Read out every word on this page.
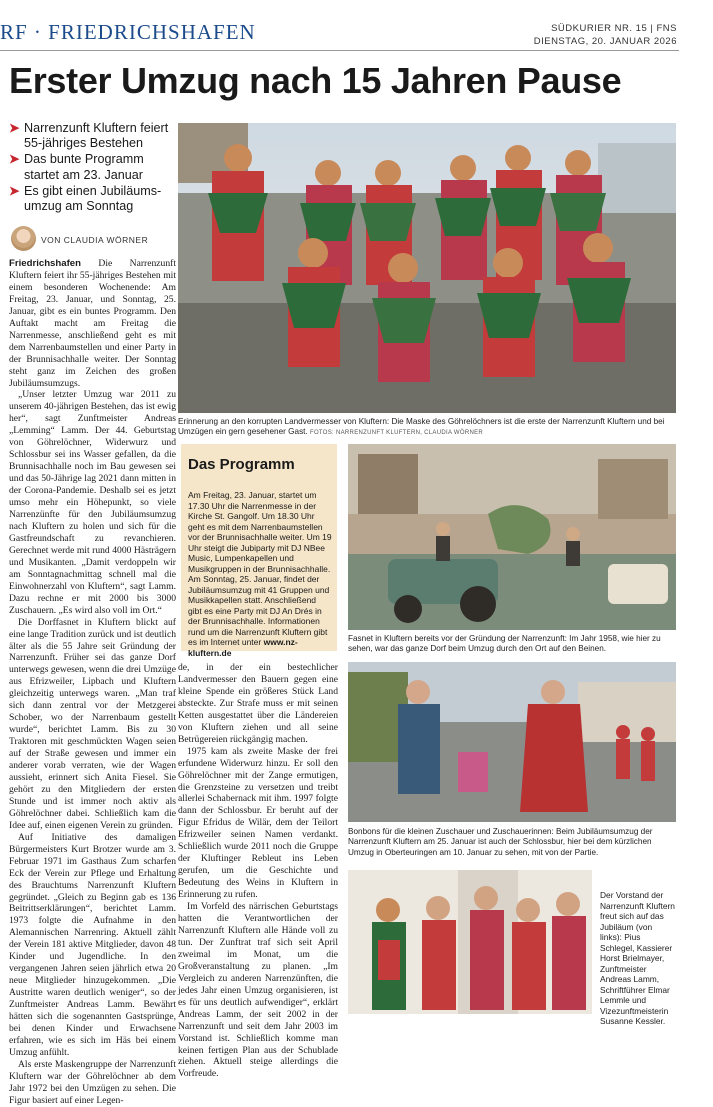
RF · FRIEDRICHSHAFEN	SÜDKURIER NR. 15 | FNS
DIENSTAG, 20. JANUAR 2026
Erster Umzug nach 15 Jahren Pause
➤ Narrenzunft Kluftern feiert 55-jähriges Bestehen
➤ Das bunte Programm startet am 23. Januar
➤ Es gibt einen Jubiläums-umzug am Sonntag
VON CLAUDIA WÖRNER

Friedrichshafen Die Narrenzunft Kluftern feiert ihr 55-jähriges Bestehen mit einem besonderen Wochenende: Am Freitag, 23. Januar, und Sonntag, 25. Januar, gibt es ein buntes Programm. Den Auftakt macht am Freitag die Narrenmesse, anschließend geht es mit dem Narrenbaumstellen und einer Party in der Brunnisachhalle weiter. Der Sonntag steht ganz im Zeichen des großen Jubiläumsumzugs.

„Unser letzter Umzug war 2011 zu unserem 40-jährigen Bestehen, das ist ewig her“, sagt Zunftmeister Andreas „Lemming“ Lamm. Der 44. Geburtstag von Göhrelöchner, Widerwurz und Schlossbur sei ins Wasser gefallen, da die Brunnisachhalle noch im Bau gewesen sei und das 50-Jährige lag 2021 dann mitten in der Corona-Pandemie. Deshalb sei es jetzt umso mehr ein Höhepunkt, so viele Narrenzünfte für den Jubiläumsumzug nach Kluftern zu holen und sich für die Gastfreundschaft zu revanchieren. Gerechnet werde mit rund 4000 Hästrägern und Musikanten. „Damit verdoppeln wir am Sonntagnachmittag schnell mal die Einwohnerzahl von Kluftern“, sagt Lamm. Dazu rechne er mit 2000 bis 3000 Zuschauern. „Es wird also voll im Ort.“

Die Dorffasnet in Kluftern blickt auf eine lange Tradition zurück und ist deutlich älter als die 55 Jahre seit Gründung der Narrenzunft. Früher sei das ganze Dorf unterwegs gewesen, wenn die drei Umzüge aus Efrizweiler, Lipbach und Kluftern gleichzeitig unterwegs waren. „Man traf sich dann zentral vor der Metzgerei Schober, wo der Narrenbaum gestellt wurde“, berichtet Lamm. Bis zu 30 Traktoren mit geschmückten Wagen seien auf der Straße gewesen und immer ein anderer vorab verraten, wie der Wagen aussieht, erinnert sich Anita Fiesel. Sie gehört zu den Mitgliedern der ersten Stunde und ist immer noch aktiv als Göhrelöchner dabei. Schließlich kam die Idee auf, einen eigenen Verein zu gründen.

Auf Initiative des damaligen Bürgermeisters Kurt Brotzer wurde am 3. Februar 1971 im Gasthaus Zum scharfen Eck der Verein zur Pflege und Erhaltung des Brauchtums Narrenzunft Kluftern gegründet. „Gleich zu Beginn gab es 136 Beitrittserklärungen“, berichtet Lamm. 1973 folgte die Aufnahme in den Alemannischen Narrenring. Aktuell zählt der Verein 181 aktive Mitglieder, davon 48 Kinder und Jugendliche. In den vergangenen Jahren seien jährlich etwa 20 neue Mitglieder hinzugekommen. „Die Austritte waren deutlich weniger“, so der Zunftmeister Andreas Lamm. Bewährt hätten sich die sogenannten Gastsprünge, bei denen Kinder und Erwachsene erfahren, wie es sich im Häs bei einem Umzug anfühlt.

Als erste Maskengruppe der Narrenzunft Kluftern war der Göhrelöchner ab dem Jahr 1972 bei den Umzügen zu sehen. Die Figur basiert auf einer Legen-

de, in der ein bestechlicher Landvermesser den Bauern gegen eine kleine Spende ein größeres Stück Land absteckte. Zur Strafe muss er mit seinen Ketten ausgestattet über die Ländereien von Kluftern ziehen und all seine Betrügereien rückgängig machen.

1975 kam als zweite Maske der frei erfundene Widerwurz hinzu. Er soll den Göhrelöchner mit der Zange ermutigen, die Grenzsteine zu versetzen und treibt allerlei Schabernack mit ihm. 1997 folgte dann der Schlossbur. Er beruht auf der Figur Efridus de Wilär, dem der Teilort Efrizweiler seinen Namen verdankt. Schließlich wurde 2011 noch die Gruppe der Kluftinger Rebleut ins Leben gerufen, um die Geschichte und Bedeutung des Weins in Kluftern in Erinnerung zu rufen.

Im Vorfeld des närrischen Geburtstags hatten die Verantwortlichen der Narrenzunft Kluftern alle Hände voll zu tun. Der Zunftrat traf sich seit April zweimal im Monat, um die Großveranstaltung zu planen. „Im Vergleich zu anderen Narrenzünften, die jedes Jahr einen Umzug organisieren, ist es für uns deutlich aufwendiger“, erklärt Andreas Lamm, der seit 2002 in der Narrenzunft und seit dem Jahr 2003 im Vorstand ist. Schließlich komme man keinen fertigen Plan aus der Schublade ziehen. Aktuell steige allerdings die Vorfreude.

Erinnerung an den korrupten Landvermesser von Kluftern: Die Maske des Göhrelöchners ist die erste der Narrenzunft Kluftern und bei Umzügen ein gern gesehener Gast. FOTOS: NARRENZUNFT KLUFTERN, CLAUDIA WÖRNER
Das Programm
Am Freitag, 23. Januar, startet um 17.30 Uhr die Narrenmesse in der Kirche St. Gangolf. Um 18.30 Uhr geht es mit dem Narrenbaumstellen vor der Brunnisachhalle weiter. Um 19 Uhr steigt die Jubiparty mit DJ NBee Music, Lumpenkapellen und Musikgruppen in der Brunnisachhalle. Am Sonntag, 25. Januar, findet der Jubiläumsumzug mit 41 Gruppen und Musikkapellen statt. Anschließend gibt es eine Party mit DJ An Drés in der Brunnisachhalle. Informationen rund um die Narrenzunft Kluftern gibt es im Internet unter www.nz-kluftern.de
Fasnet in Kluftern bereits vor der Gründung der Narrenzunft: Im Jahr 1958, wie hier zu sehen, war das ganze Dorf beim Umzug durch den Ort auf den Beinen.
Bonbons für die kleinen Zuschauer und Zuschauerinnen: Beim Jubiläumsumzug der Narrenzunft Kluftern am 25. Januar ist auch der Schlossbur, hier bei dem kürzlichen Umzug in Oberteuringen am 10. Januar zu sehen, mit von der Partie.
Der Vorstand der Narrenzunft Kluftern freut sich auf das Jubiläum (von links): Pius Schlegel, Kassierer Horst Brielmayer, Zunftmeister Andreas Lamm, Schriftführer Elmar Lemmle und Vizezunftmeisterin Susanne Kessler.
